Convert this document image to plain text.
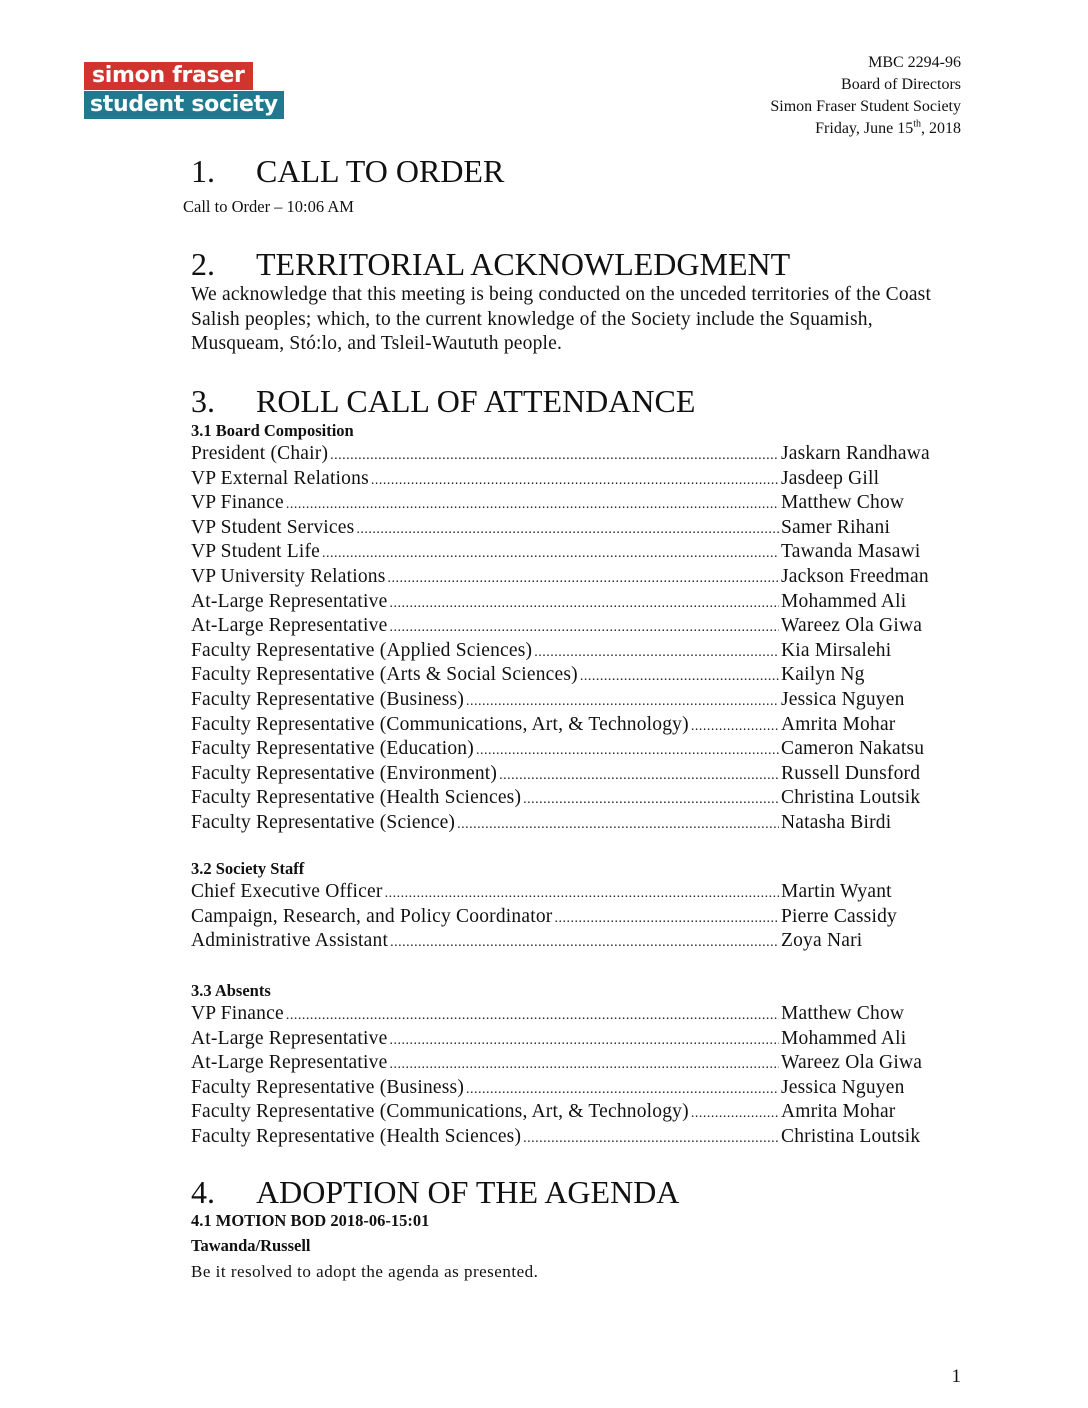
simon fraser
student society
MBC 2294-96
Board of Directors
Simon Fraser Student Society
Friday, June 15th, 2018
1. CALL TO ORDER
Call to Order – 10:06 AM
2. TERRITORIAL ACKNOWLEDGMENT
We acknowledge that this meeting is being conducted on the unceded territories of the Coast Salish peoples; which, to the current knowledge of the Society include the Squamish, Musqueam, Stó:lo, and Tsleil-Waututh people.
3. ROLL CALL OF ATTENDANCE
3.1 Board Composition
President (Chair) .....	Jaskarn Randhawa
VP External Relations .....	Jasdeep Gill
VP Finance .....	Matthew Chow
VP Student Services .....	Samer Rihani
VP Student Life .....	Tawanda Masawi
VP University Relations .....	Jackson Freedman
At-Large Representative .....	Mohammed Ali
At-Large Representative .....	Wareez Ola Giwa
Faculty Representative (Applied Sciences) .....	Kia Mirsalehi
Faculty Representative (Arts & Social Sciences) .....	Kailyn Ng
Faculty Representative (Business) .....	Jessica Nguyen
Faculty Representative (Communications, Art, & Technology) .....	Amrita Mohar
Faculty Representative (Education) .....	Cameron Nakatsu
Faculty Representative (Environment) .....	Russell Dunsford
Faculty Representative (Health Sciences) .....	Christina Loutsik
Faculty Representative (Science) .....	Natasha Birdi
3.2 Society Staff
Chief Executive Officer .....	Martin Wyant
Campaign, Research, and Policy Coordinator .....	Pierre Cassidy
Administrative Assistant .....	Zoya Nari
3.3 Absents
VP Finance .....	Matthew Chow
At-Large Representative .....	Mohammed Ali
At-Large Representative .....	Wareez Ola Giwa
Faculty Representative (Business) .....	Jessica Nguyen
Faculty Representative (Communications, Art, & Technology) .....	Amrita Mohar
Faculty Representative (Health Sciences) .....	Christina Loutsik
4. ADOPTION OF THE AGENDA
4.1 MOTION BOD 2018-06-15:01
Tawanda/Russell
Be it resolved to adopt the agenda as presented.
1
